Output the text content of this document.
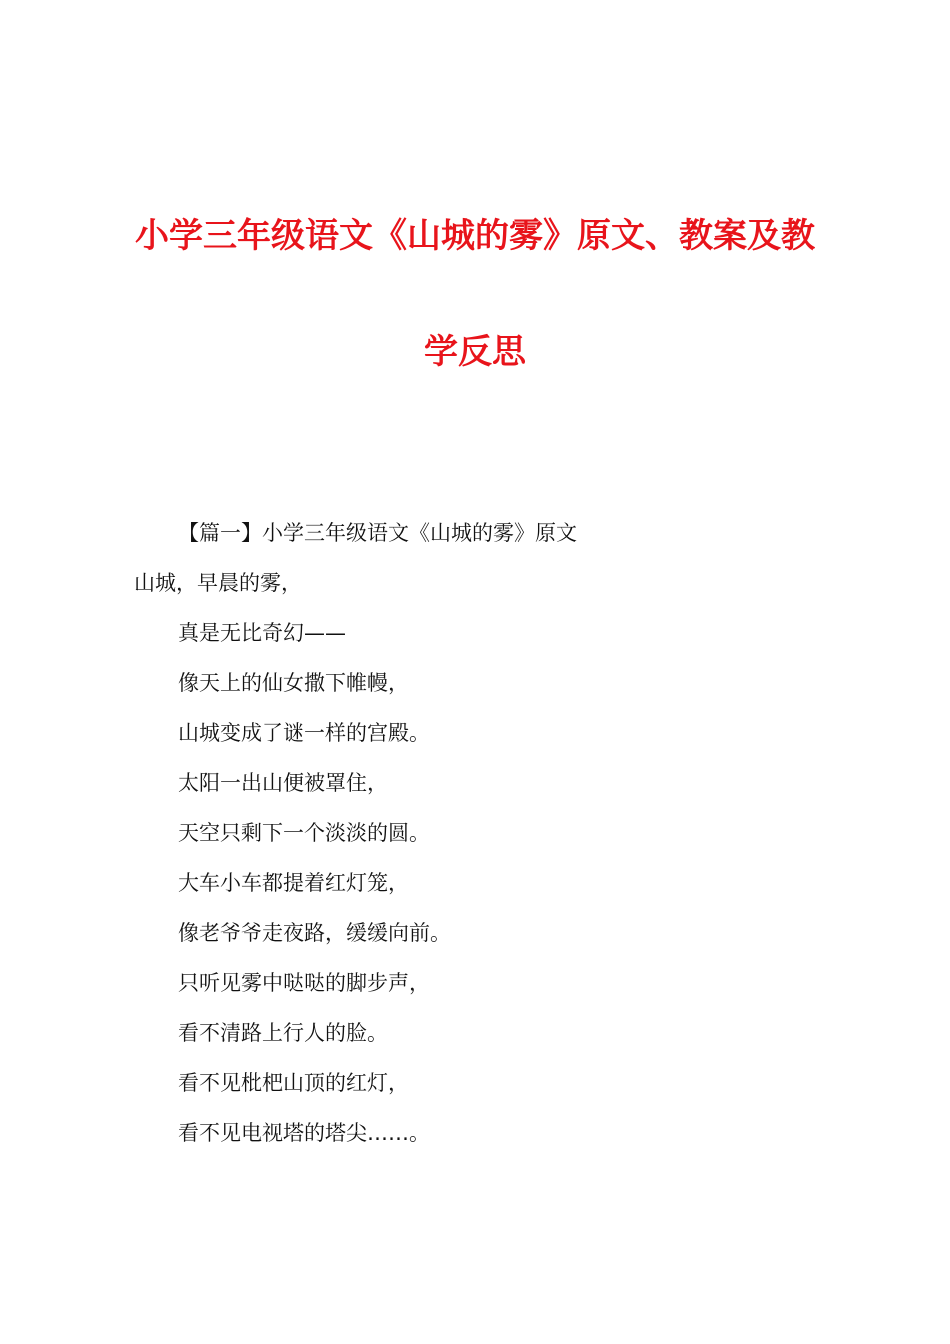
小学三年级语文《山城的雾》原文、教案及教
学反思
【篇一】小学三年级语文《山城的雾》原文
山城，早晨的雾，
真是无比奇幻——
像天上的仙女撒下帷幔，
山城变成了谜一样的宫殿。
太阳一出山便被罩住，
天空只剩下一个淡淡的圆。
大车小车都提着红灯笼，
像老爷爷走夜路，缓缓向前。
只听见雾中哒哒的脚步声，
看不清路上行人的脸。
看不见枇杷山顶的红灯，
看不见电视塔的塔尖……。
